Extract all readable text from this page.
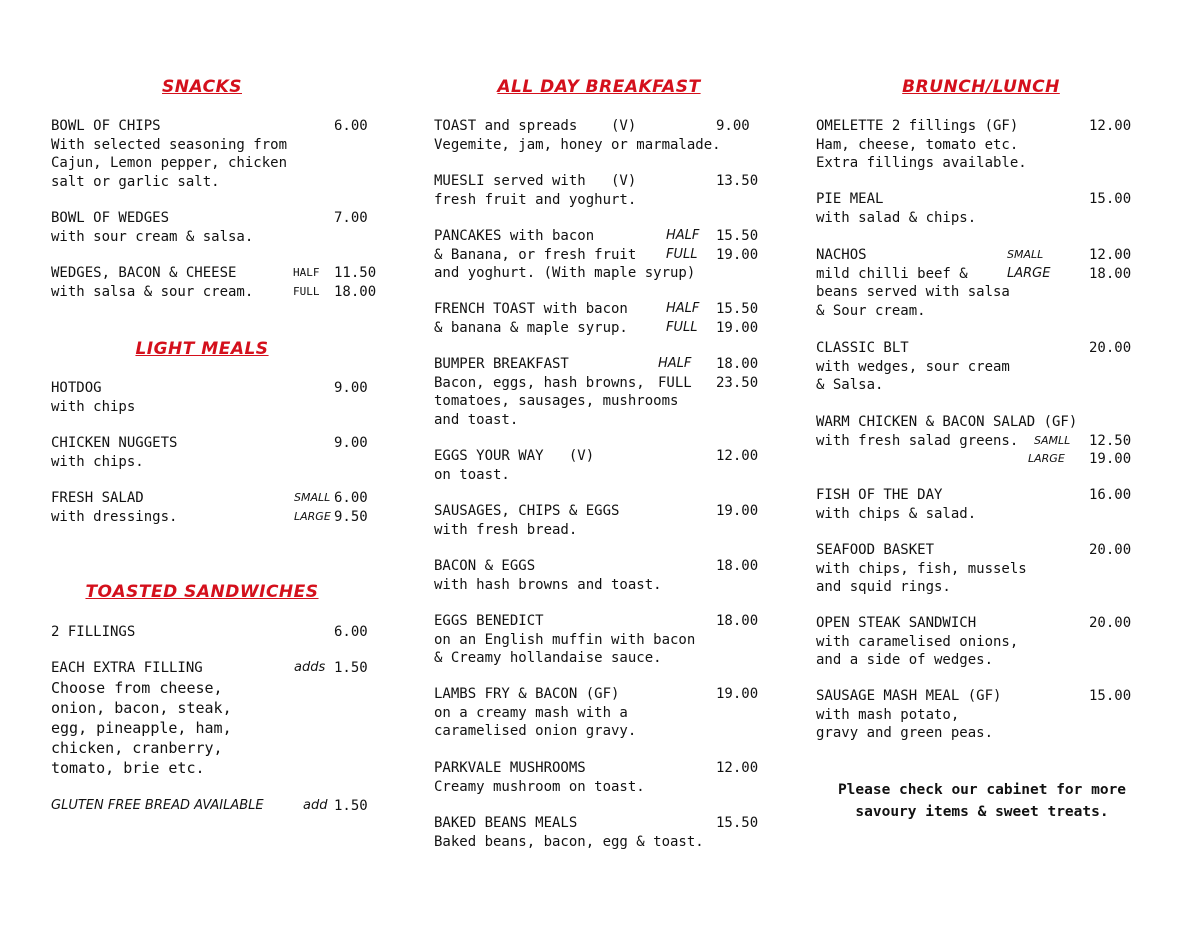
SNACKS
BOWL OF CHIPS	6.00
With selected seasoning from
Cajun, Lemon pepper, chicken
salt or garlic salt.
BOWL OF WEDGES	7.00
with sour cream & salsa.
WEDGES, BACON & CHEESE	HALF 11.50
with salsa & sour cream.	FULL 18.00
LIGHT MEALS
HOTDOG	9.00
with chips
CHICKEN NUGGETS	9.00
with chips.
FRESH SALAD	SMALL 6.00
with dressings.	LARGE 9.50
TOASTED SANDWICHES
2 FILLINGS	6.00
EACH EXTRA FILLING	adds 1.50
Choose from cheese,
onion, bacon, steak,
egg, pineapple, ham,
chicken, cranberry,
tomato, brie etc.
GLUTEN FREE BREAD AVAILABLE	add 1.50
ALL DAY BREAKFAST
TOAST and spreads    (V)	9.00
Vegemite, jam, honey or marmalade.
MUESLI served with   (V)	13.50
fresh fruit and yoghurt.
PANCAKES with bacon	HALF 15.50
& Banana, or fresh fruit FULL 19.00
and yoghurt. (With maple syrup)
FRENCH TOAST with bacon	HALF 15.50
& banana & maple syrup.	FULL 19.00
BUMPER BREAKFAST	HALF 18.00
Bacon, eggs, hash browns, FULL 23.50
tomatoes, sausages, mushrooms
and toast.
EGGS YOUR WAY   (V)	12.00
on toast.
SAUSAGES, CHIPS & EGGS	19.00
with fresh bread.
BACON & EGGS	18.00
with hash browns and toast.
EGGS BENEDICT	18.00
on an English muffin with bacon
& Creamy hollandaise sauce.
LAMBS FRY & BACON (GF)	19.00
on a creamy mash with a
caramelised onion gravy.
PARKVALE MUSHROOMS	12.00
Creamy mushroom on toast.
BAKED BEANS MEALS	15.50
Baked beans, bacon, egg & toast.
BRUNCH/LUNCH
OMELETTE 2 fillings (GF)	12.00
Ham, cheese, tomato etc.
Extra fillings available.
PIE MEAL	15.00
with salad & chips.
NACHOS	SMALL	12.00
mild chilli beef &	LARGE	18.00
beans served with salsa
& Sour cream.
CLASSIC BLT	20.00
with wedges, sour cream
& Salsa.
WARM CHICKEN & BACON SALAD (GF)
with fresh salad greens. SAMLL 12.50
LARGE 19.00
FISH OF THE DAY	16.00
with chips & salad.
SEAFOOD BASKET	20.00
with chips, fish, mussels
and squid rings.
OPEN STEAK SANDWICH	20.00
with caramelised onions,
and a side of wedges.
SAUSAGE MASH MEAL (GF)	15.00
with mash potato,
gravy and green peas.
Please check our cabinet for more
savoury items & sweet treats.
